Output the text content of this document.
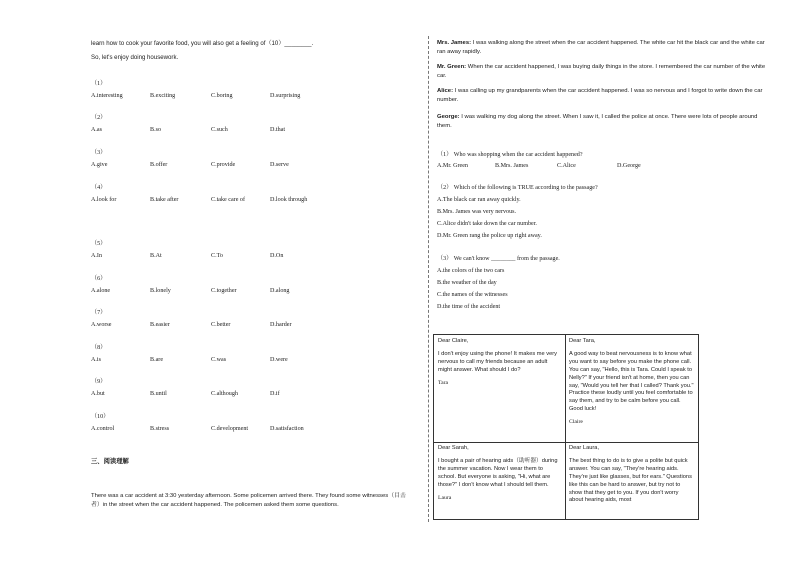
learn how to cook your favorite food, you will also get a feeling of（10）________.
So, let's enjoy doing housework.
（1）
A.interesting	B.exciting	C.boring	D.surprising
（2）
A.as	B.so	C.such	D.that
（3）
A.give	B.offer	C.provide	D.serve
（4）
A.look for	B.take after	C.take care of	D.look through
（5）
A.In	B.At	C.To	D.On
（6）
A.alone	B.lonely	C.together	D.along
（7）
A.worse	B.easier	C.better	D.harder
（8）
A.is	B.are	C.was	D.were
（9）
A.but	B.until	C.although	D.if
（10）
A.control	B.stress	C.development	D.satisfaction
三、阅读理解
There was a car accident at 3:30 yesterday afternoon. Some policemen arrived there. They found some witnesses（目击者）in the street when the car accident happened. The policemen asked them some questions.
Mrs. James: I was walking along the street when the car accident happened. The white car hit the black car and the white car ran away rapidly.
Mr. Green: When the car accident happened, I was buying daily things in the store. I remembered the car number of the white car.
Alice: I was calling up my grandparents when the car accident happened. I was so nervous and I forgot to write down the car number.
George: I was walking my dog along the street. When I saw it, I called the police at once. There were lots of people around them.
（1） Who was shopping when the car accident happened?
A.Mr. Green	B.Mrs. James	C.Alice	D.George
（2） Which of the following is TRUE according to the passage?
A.The black car ran away quickly.
B.Mrs. James was very nervous.
C.Alice didn't take down the car number.
D.Mr. Green rang the police up right away.
（3） We can't know ________ from the passage.
A.the colors of the two cars
B.the weather of the day
C.the names of the witnesses
D.the time of the accident

Dear Claire,

I don't enjoy using the phone! It makes me very nervous to call my friends because an adult might answer. What should I do?

Tara

Dear Tara,

A good way to beat nervousness is to know what you want to say before you make the phone call. You can say, "Hello, this is Tara. Could I speak to Nelly?" If your friend isn't at home, then you can say, "Would you tell her that I called? Thank you." Practice these loudly until you feel comfortable to say them, and try to be calm before you call. Good luck!

Claire

Dear Sarah,

I bought a pair of hearing aids（助听器）during the summer vacation. Now I wear them to school. But everyone is asking, "Hi, what are those?" I don't know what I should tell them.

Laura

Dear Laura,

The best thing to do is to give a polite but quick answer. You can say, "They're hearing aids. They're just like glasses, but for ears." Questions like this can be hard to answer, but try not to show that they get to you. If you don't worry about hearing aids, most
